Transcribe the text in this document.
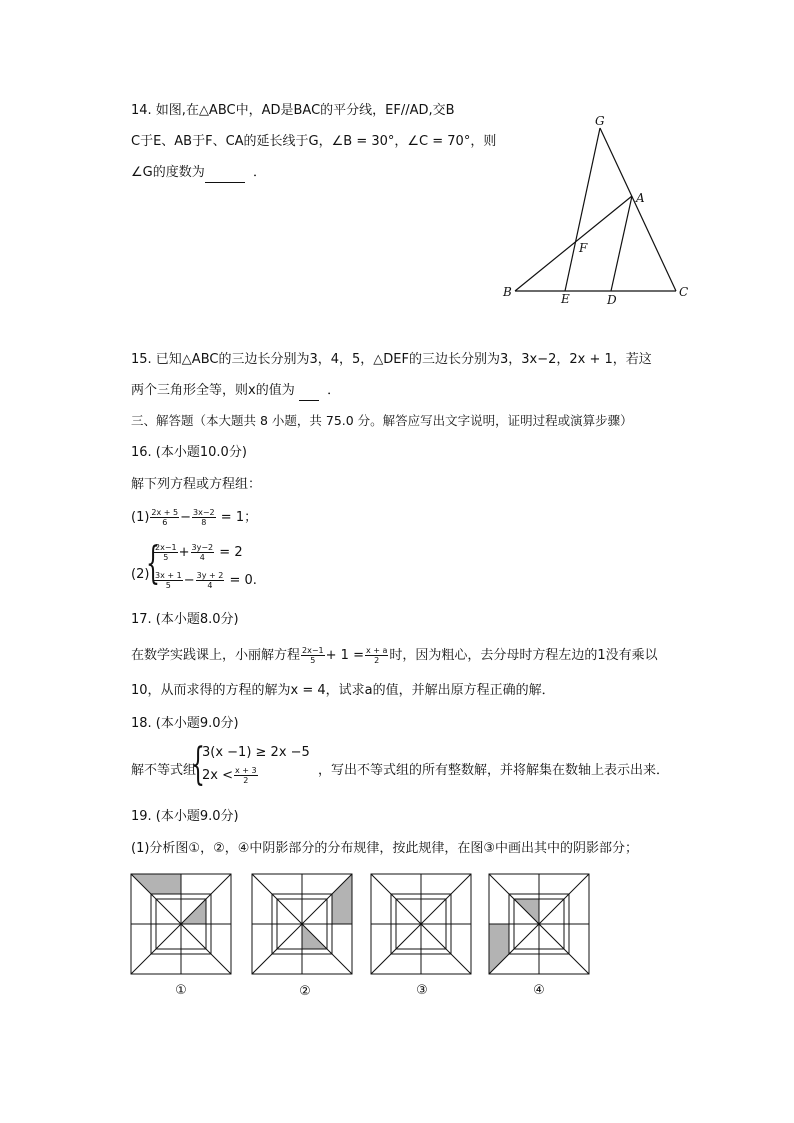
14. 如图,在△ABC中，AD是BAC的平分线，EF//AD,交B
C于E、AB于F、CA的延长线于G，∠B = 30°，∠C = 70°，则
∠G的度数为	．
G
A
F
B	E	D
C
15. 已知△ABC的三边长分别为3，4，5，△DEF的三边长分别为3，3x−2，2x + 1，若这
两个三角形全等，则x的值为 ．
三、解答题（本大题共 8 小题，共 75.0 分。解答应写出文字说明，证明过程或演算步骤）
16. (本小题10.0分)
解下列方程或方程组：
$(1) \frac{2x + 5}{6} - \frac{3x-2}{8} = 1$；
(2)
{
$\frac{2x-1}{5} + \frac{3y-2}{4} = 2$
$\frac{3x + 1}{5} - \frac{3y + 2}{4} = 0$.
17. (本小题8.0分)
在数学实践课上，小丽解方程 $\frac{2x-1}{5} + 1 = \frac{x + a}{2}$ 时，因为粗心，去分母时方程左边的1没有乘以
10，从而求得的方程的解为x = 4，试求a的值，并解出原方程正确的解．
18. (本小题9.0分)
解不等式组
{
3(x −1) ≥ 2x −5
$2x < \frac{x + 3}{2}$	，写出不等式组的所有整数解，并将解集在数轴上表示出来．
19. (本小题9.0分)
(1)分析图①，②，④中阴影部分的分布规律，按此规律，在图③中画出其中的阴影部分；
①	②	③	④
